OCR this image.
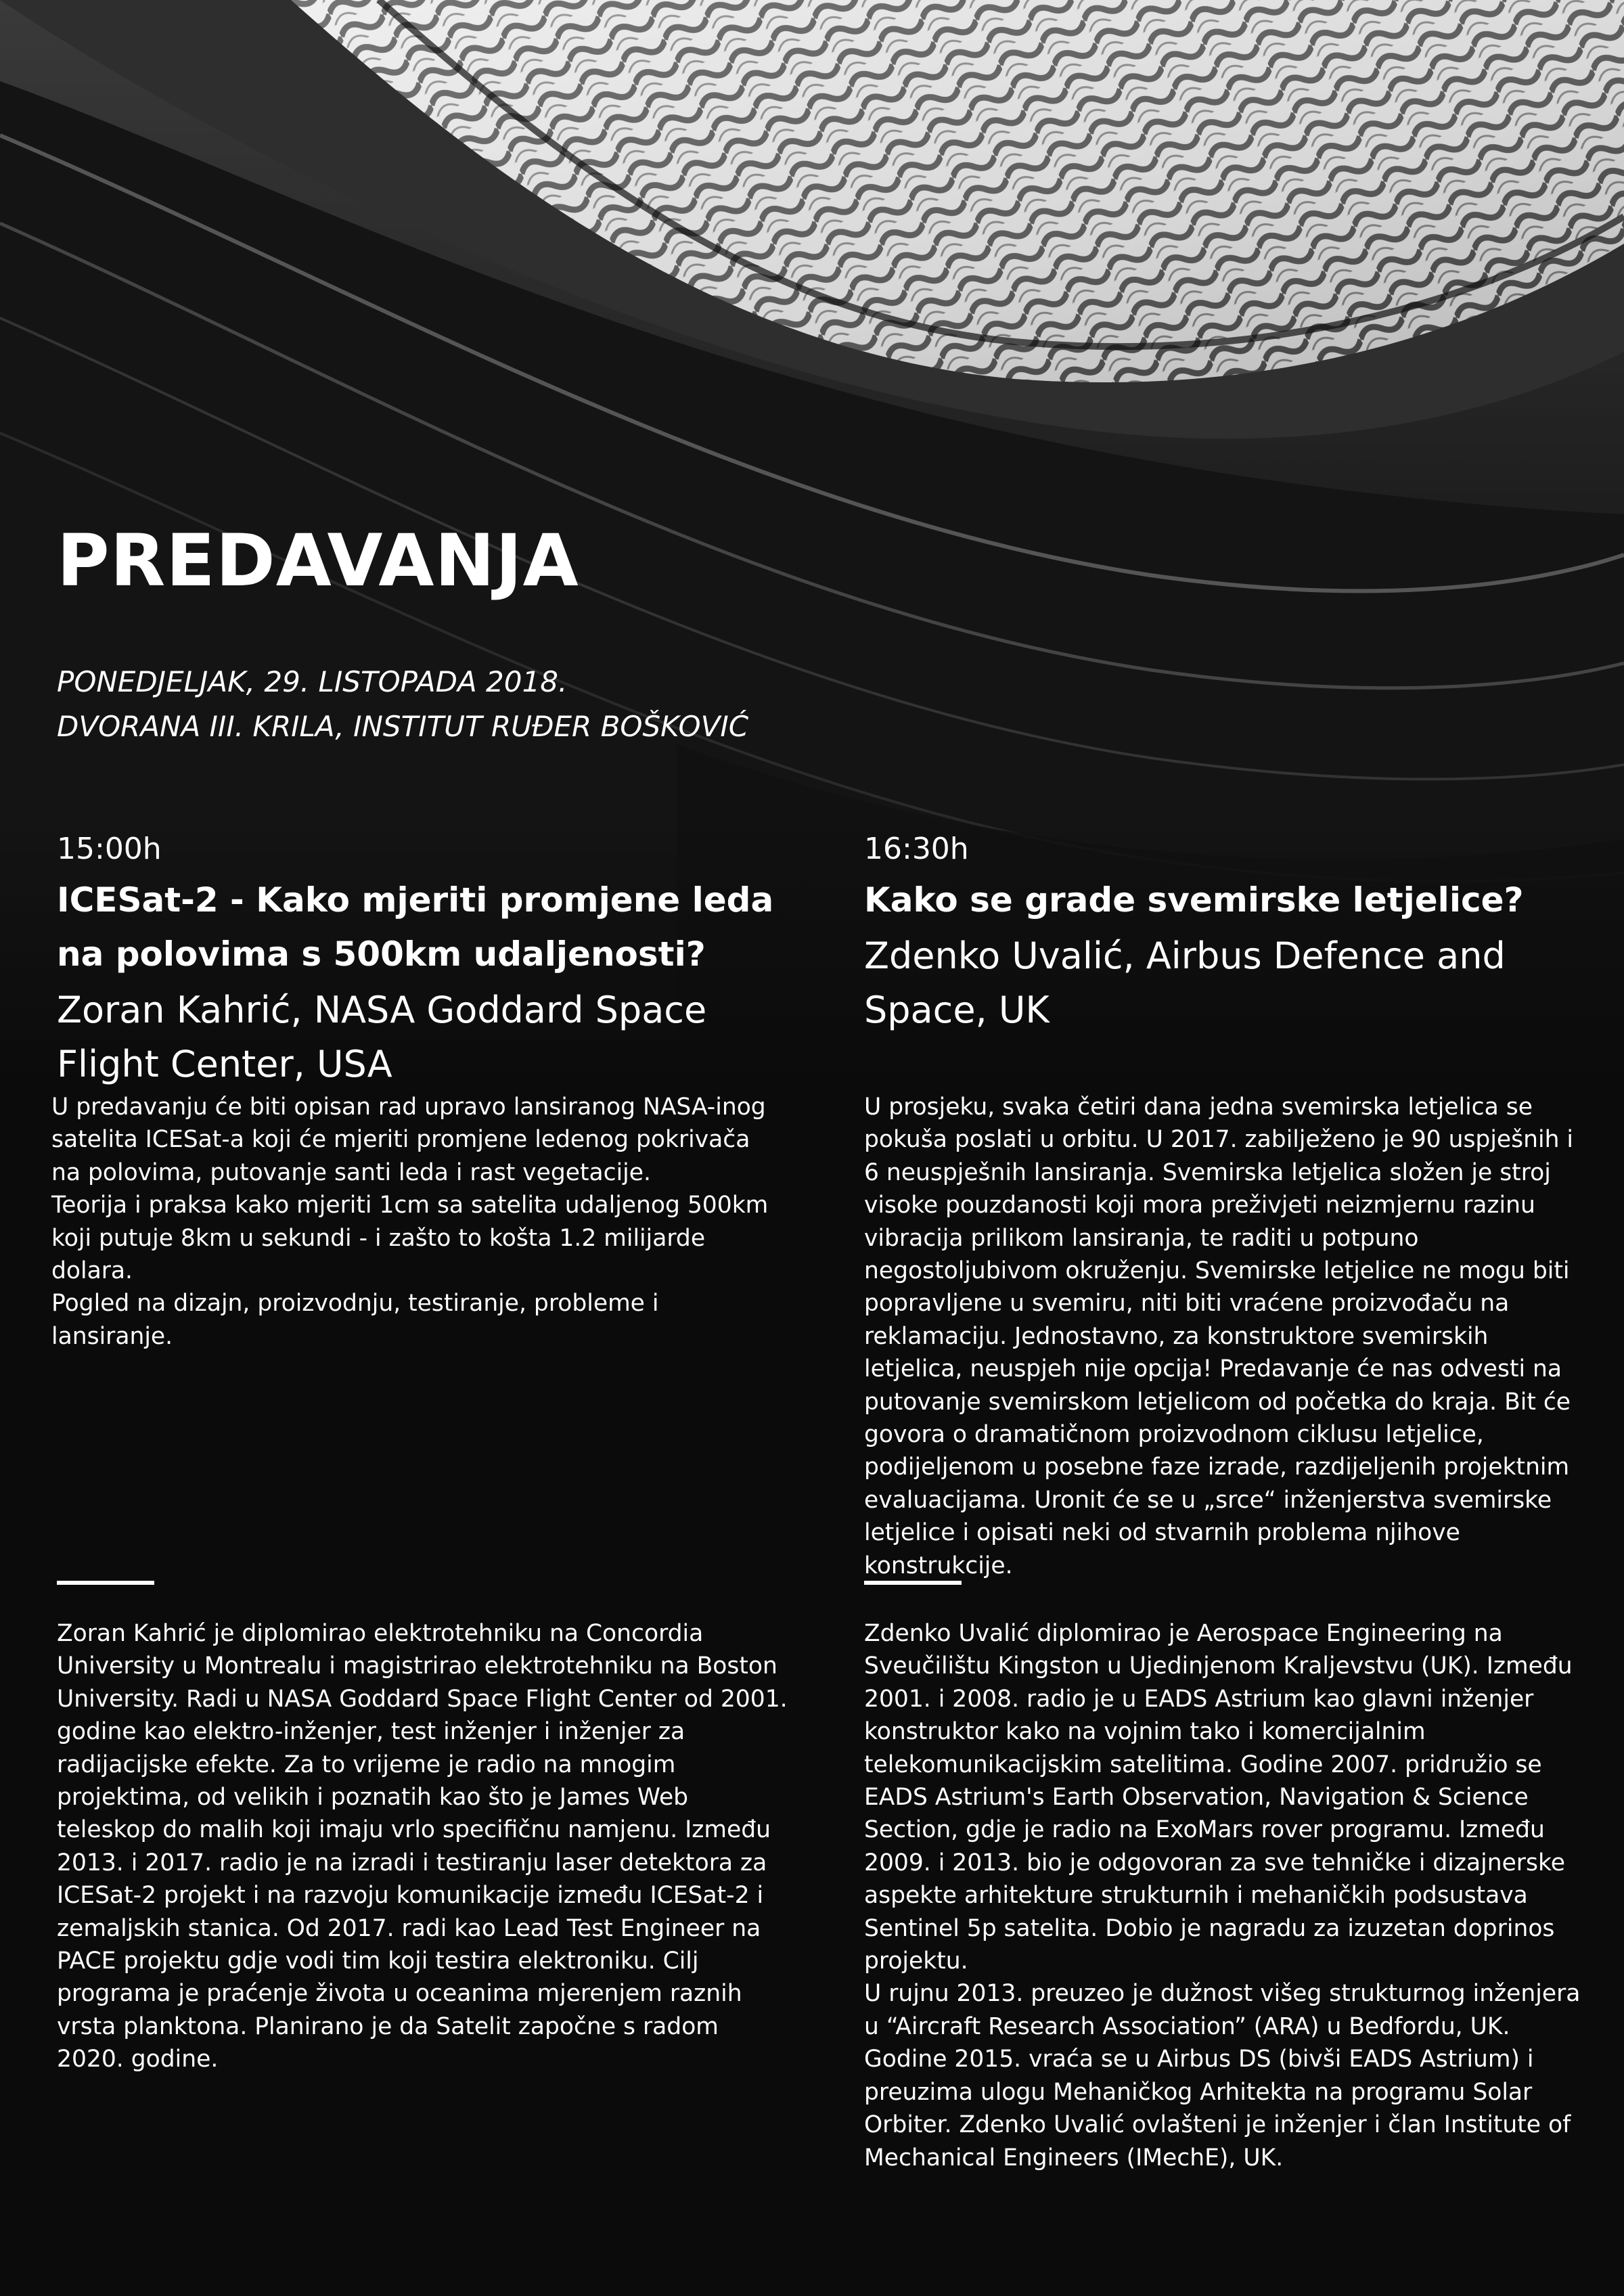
PREDAVANJA
PONEDJELJAK, 29. LISTOPADA 2018.
DVORANA III. KRILA, INSTITUT RUĐER BOŠKOVIĆ
15:00h
ICESat-2 - Kako mjeriti promjene leda na polovima s 500km udaljenosti?
Zoran Kahrić, NASA Goddard Space Flight Center, USA
U predavanju će biti opisan rad upravo lansiranog NASA-inog satelita ICESat-a koji će mjeriti promjene ledenog pokrivača na polovima, putovanje santi leda i rast vegetacije.
Teorija i praksa kako mjeriti 1cm sa satelita udaljenog 500km koji putuje 8km u sekundi - i zašto to košta 1.2 milijarde dolara.
Pogled na dizajn, proizvodnju, testiranje, probleme i lansiranje.
Zoran Kahrić je diplomirao elektrotehniku na Concordia University u Montrealu i magistrirao elektrotehniku na Boston University. Radi u NASA Goddard Space Flight Center od 2001. godine kao elektro-inženjer, test inženjer i inženjer za radijacijske efekte. Za to vrijeme je radio na mnogim projektima, od velikih i poznatih kao što je James Web teleskop do malih koji imaju vrlo specifičnu namjenu. Između 2013. i 2017. radio je na izradi i testiranju laser detektora za ICESat-2 projekt i na razvoju komunikacije između ICESat-2 i zemaljskih stanica. Od 2017. radi kao Lead Test Engineer na PACE projektu gdje vodi tim koji testira elektroniku. Cilj programa je praćenje života u oceanima mjerenjem raznih vrsta planktona. Planirano je da Satelit započne s radom 2020. godine.
16:30h
Kako se grade svemirske letjelice?
Zdenko Uvalić, Airbus Defence and Space, UK
U prosjeku, svaka četiri dana jedna svemirska letjelica se pokuša poslati u orbitu. U 2017. zabilježeno je 90 uspješnih i 6 neuspješnih lansiranja. Svemirska letjelica složen je stroj visoke pouzdanosti koji mora preživjeti neizmjernu razinu vibracija prilikom lansiranja, te raditi u potpuno negostoljubivom okruženju. Svemirske letjelice ne mogu biti popravljene u svemiru, niti biti vraćene proizvođaču na reklamaciju. Jednostavno, za konstruktore svemirskih letjelica, neuspjeh nije opcija! Predavanje će nas odvesti na putovanje svemirskom letjelicom od početka do kraja. Bit će govora o dramatičnom proizvodnom ciklusu letjelice, podijeljenom u posebne faze izrade, razdijeljenih projektnim evaluacijama. Uronit će se u „srce“ inženjerstva svemirske letjelice i opisati neki od stvarnih problema njihove konstrukcije.
Zdenko Uvalić diplomirao je Aerospace Engineering na Sveučilištu Kingston u Ujedinjenom Kraljevstvu (UK). Između 2001. i 2008. radio je u EADS Astrium kao glavni inženjer konstruktor kako na vojnim tako i komercijalnim telekomunikacijskim satelitima. Godine 2007. pridružio se EADS Astrium's Earth Observation, Navigation & Science Section, gdje je radio na ExoMars rover programu. Između 2009. i 2013. bio je odgovoran za sve tehničke i dizajnerske aspekte arhitekture strukturnih i mehaničkih podsustava Sentinel 5p satelita. Dobio je nagradu za izuzetan doprinos projektu.
U rujnu 2013. preuzeo je dužnost višeg strukturnog inženjera u “Aircraft Research Association” (ARA) u Bedfordu, UK.
Godine 2015. vraća se u Airbus DS (bivši EADS Astrium) i preuzima ulogu Mehaničkog Arhitekta na programu Solar Orbiter. Zdenko Uvalić ovlašteni je inženjer i član Institute of Mechanical Engineers (IMechE), UK.
